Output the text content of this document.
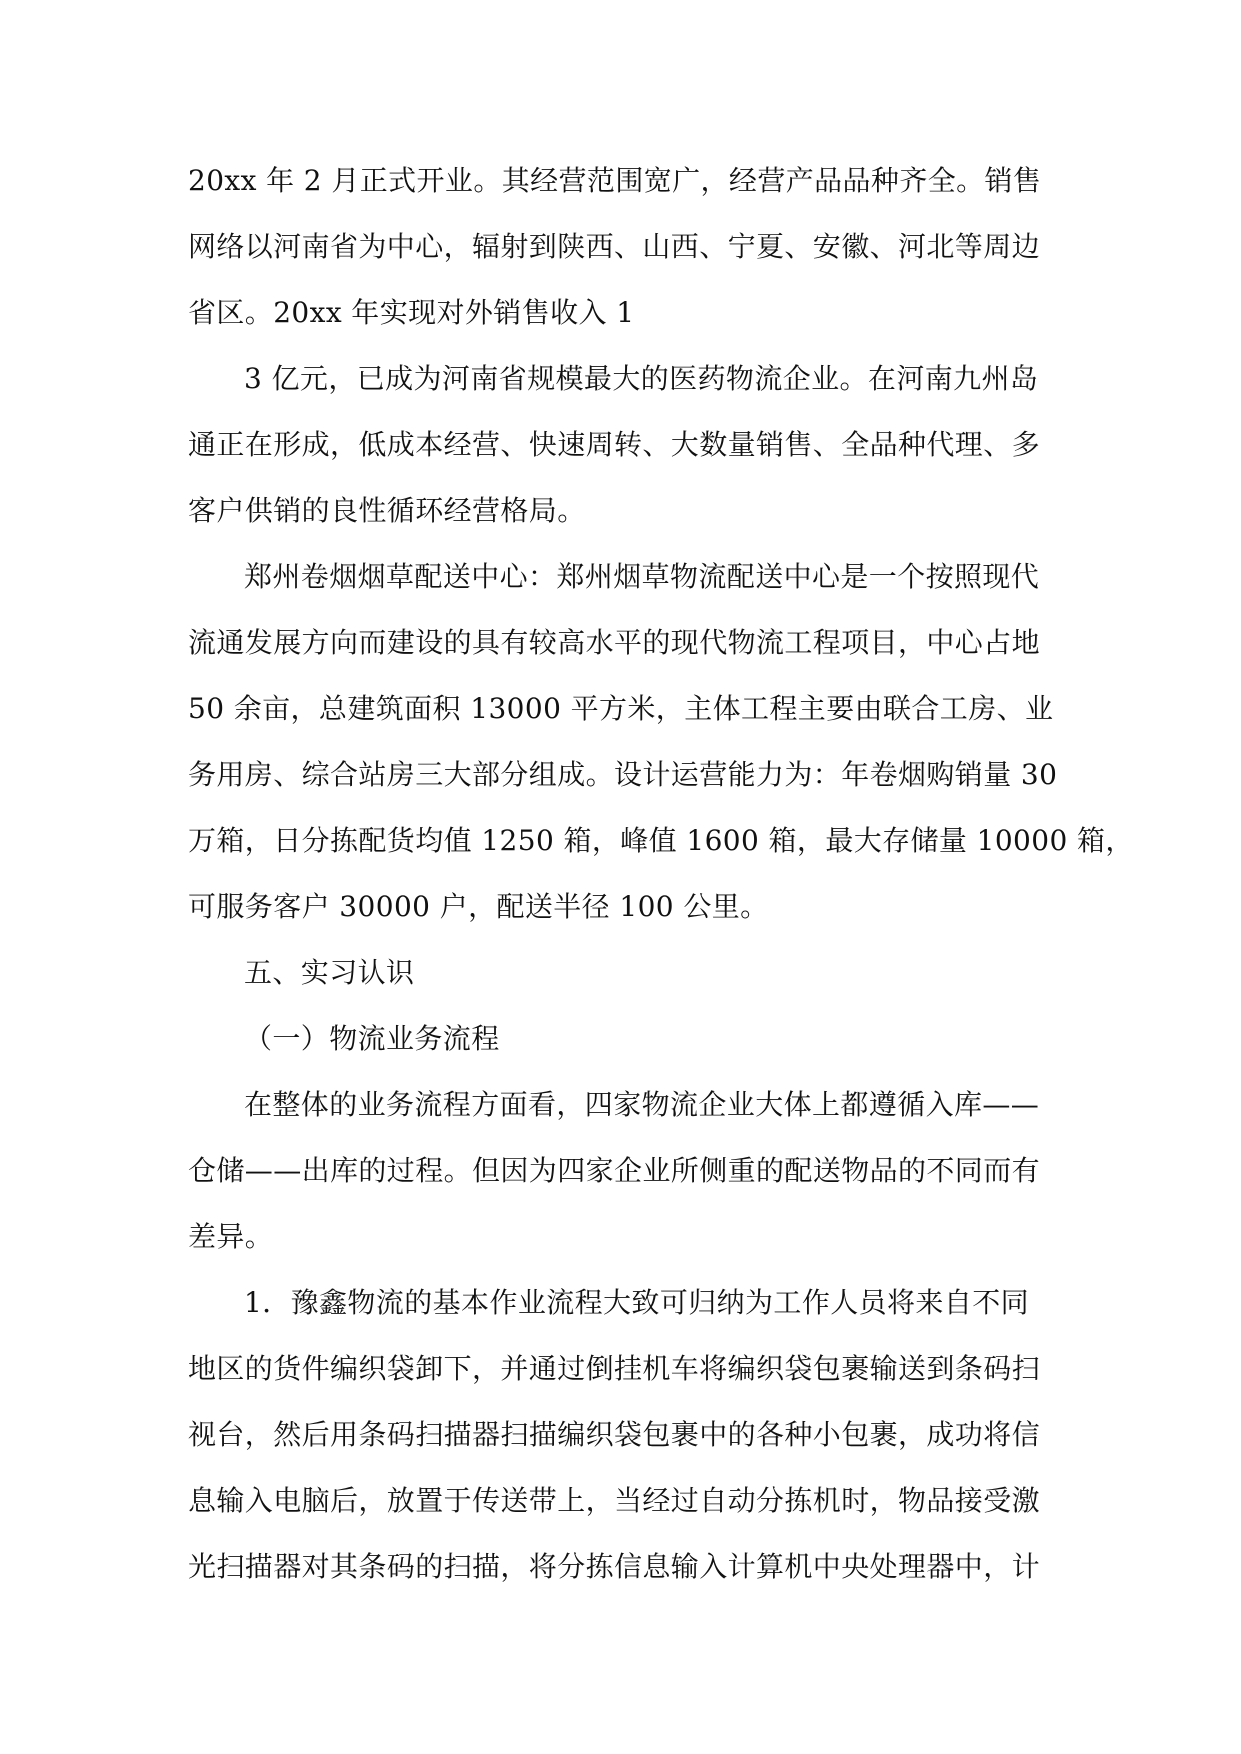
20xx 年 2 月正式开业。其经营范围宽广，经营产品品种齐全。销售
网络以河南省为中心，辐射到陕西、山西、宁夏、安徽、河北等周边
省区。20xx 年实现对外销售收入 1
3 亿元，已成为河南省规模最大的医药物流企业。在河南九州岛
通正在形成，低成本经营、快速周转、大数量销售、全品种代理、多
客户供销的良性循环经营格局。
郑州卷烟烟草配送中心：郑州烟草物流配送中心是一个按照现代
流通发展方向而建设的具有较高水平的现代物流工程项目，中心占地
50 余亩，总建筑面积 13000 平方米，主体工程主要由联合工房、业
务用房、综合站房三大部分组成。设计运营能力为：年卷烟购销量 30
万箱，日分拣配货均值 1250 箱，峰值 1600 箱，最大存储量 10000 箱，
可服务客户 30000 户，配送半径 100 公里。
五、实习认识
（一）物流业务流程
在整体的业务流程方面看，四家物流企业大体上都遵循入库——
仓储——出库的过程。但因为四家企业所侧重的配送物品的不同而有
差异。
1．豫鑫物流的基本作业流程大致可归纳为工作人员将来自不同
地区的货件编织袋卸下，并通过倒挂机车将编织袋包裹输送到条码扫
视台，然后用条码扫描器扫描编织袋包裹中的各种小包裹，成功将信
息输入电脑后，放置于传送带上，当经过自动分拣机时，物品接受激
光扫描器对其条码的扫描，将分拣信息输入计算机中央处理器中，计
